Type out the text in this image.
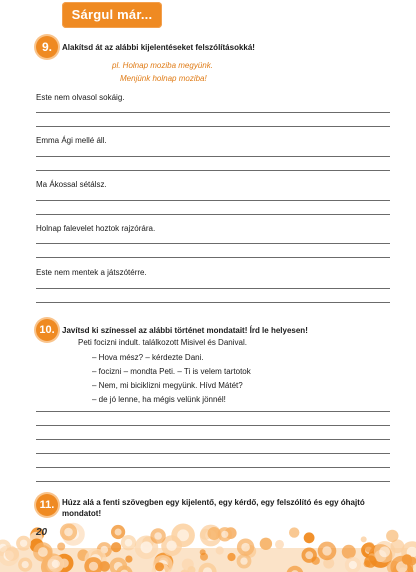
Sárgul már...
9.	Alakítsd át az alábbi kijelentéseket felszólításokká!
pl. Holnap moziba megyünk.
Menjünk holnap moziba!
Este nem olvasol sokáig.
Emma Ági mellé áll.
Ma Ákossal sétálsz.
Holnap falevelet hoztok rajzórára.
Este nem mentek a játszótérre.
10. Javítsd ki színessel az alábbi történet mondatait! Írd le helyesen!
Peti focizni indult. találkozott Misivel és Danival.
– Hova mész? – kérdezte Dani.
– focizni – mondta Peti. – Ti is velem tartotok
– Nem, mi biciklizni megyünk. Hívd Mátét?
– de jó lenne, ha mégis velünk jönnél!
11. Húzz alá a fenti szövegben egy kijelentő, egy kérdő, egy felszólító és egy óhajtó mondatot!
20
